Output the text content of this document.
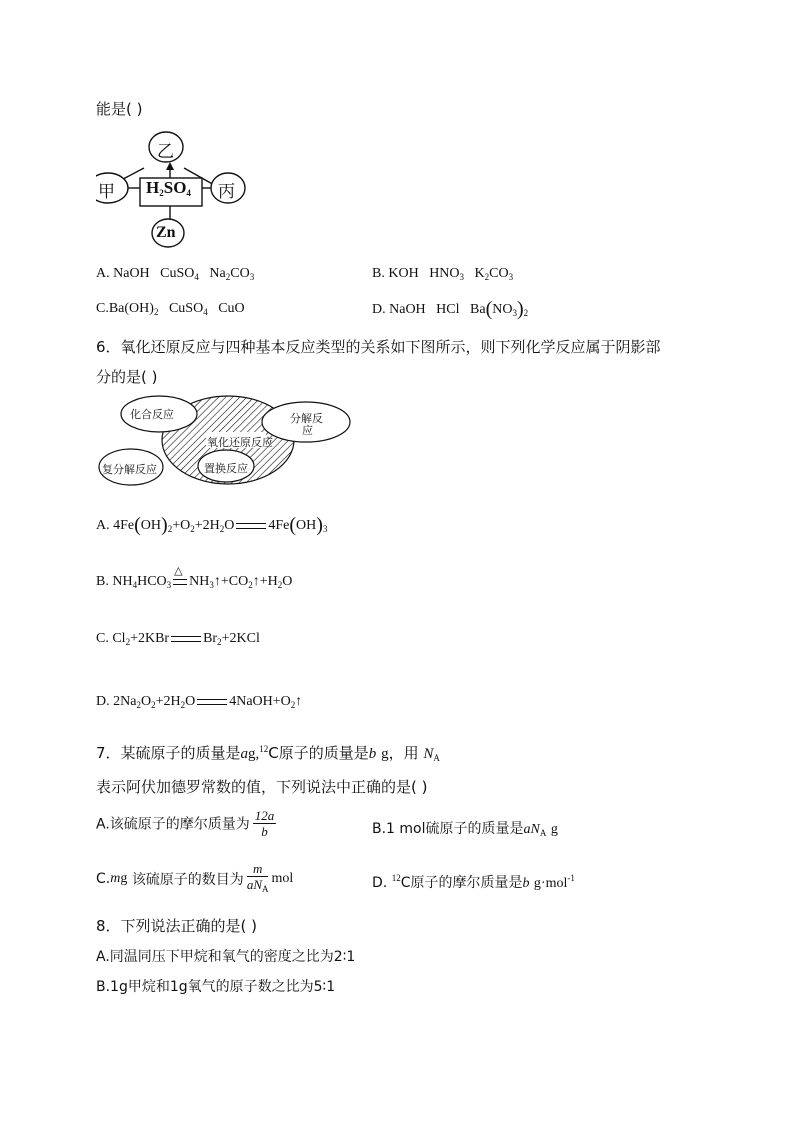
能是( )
乙
甲	丙
Zn
$H_2SO_4$
A. NaOH CuSO$_4$ $Na_2CO_3$	B. KOH $HNO_3$ $K_2CO_3$
$C.Ba(OH)_2$ CuSO$_4$ CuO	D. NaOH HCl $Ba(NO_3)_2$
6．氧化还原反应与四种基本反应类型的关系如下图所示，则下列化学反应属于阴影部
分的是( )
化合反应	分解反
应
氧化还原反应
复分解反应	置换反应
A. $4Fe(OH)_2+O_2+2H_2O$ $4Fe(OH)_3$
B. $NH_4HCO_3$
△
$NH_3↑+CO_2↑+H_2O$
C. $Cl_2+2KBr$ $Br_2+2KCl$
D. $2Na_2O_2+2H_2O$ $4NaOH+O_2↑$
7．某硫原子的质量是ag,$^{12}$C原子的质量是b g，用 $N_A$
表示阿伏加德罗常数的值，下列说法中正确的是( )
A.该硫原子的摩尔质量为 $\frac{12a}{b}$	B.1 mol硫原子的质量是$aN_A$ g
C.mg 该硫原子的数目为 $\frac{m}{aN_A}$ mol	D. $^{12}$C原子的摩尔质量是b g·mol$^{-1}$
8．下列说法正确的是( )
A.同温同压下甲烷和氧气的密度之比为2∶1
B.1g甲烷和1g氧气的原子数之比为5∶1
